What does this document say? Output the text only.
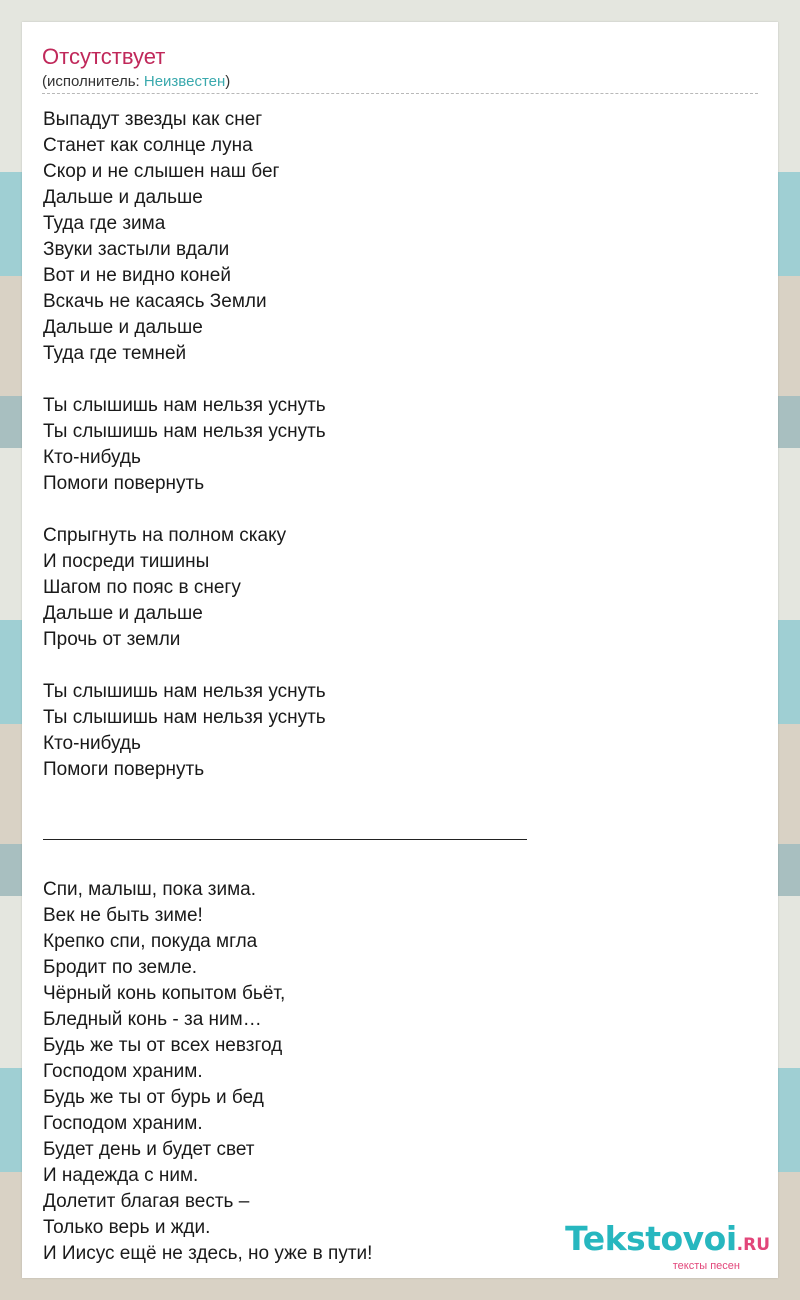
Отсутствует
(исполнитель: Неизвестен)
Выпадут звезды как снег
Станет как солнце луна
Скор и не слышен наш бег
Дальше и дальше
Туда где зима
Звуки застыли вдали
Вот и не видно коней
Вскачь не касаясь Земли
Дальше и дальше
Туда где темней
Ты слышишь нам нельзя уснуть
Ты слышишь нам нельзя уснуть
Кто-нибудь
Помоги повернуть
Спрыгнуть на полном скаку
И посреди тишины
Шагом по пояс в снегу
Дальше и дальше
Прочь от земли
Ты слышишь нам нельзя уснуть
Ты слышишь нам нельзя уснуть
Кто-нибудь
Помоги повернуть
Спи, малыш, пока зима.
Век не быть зиме!
Крепко спи, покуда мгла
Бродит по земле.
Чёрный конь копытом бьёт,
Бледный конь - за ним…
Будь же ты от всех невзгод
Господом храним.
Будь же ты от бурь и бед
Господом храним.
Будет день и будет свет
И надежда с ним.
Долетит благая весть –
Только верь и жди.
И Иисус ещё не здесь, но уже в пути!	Tekstovoi.RU
тексты песен
